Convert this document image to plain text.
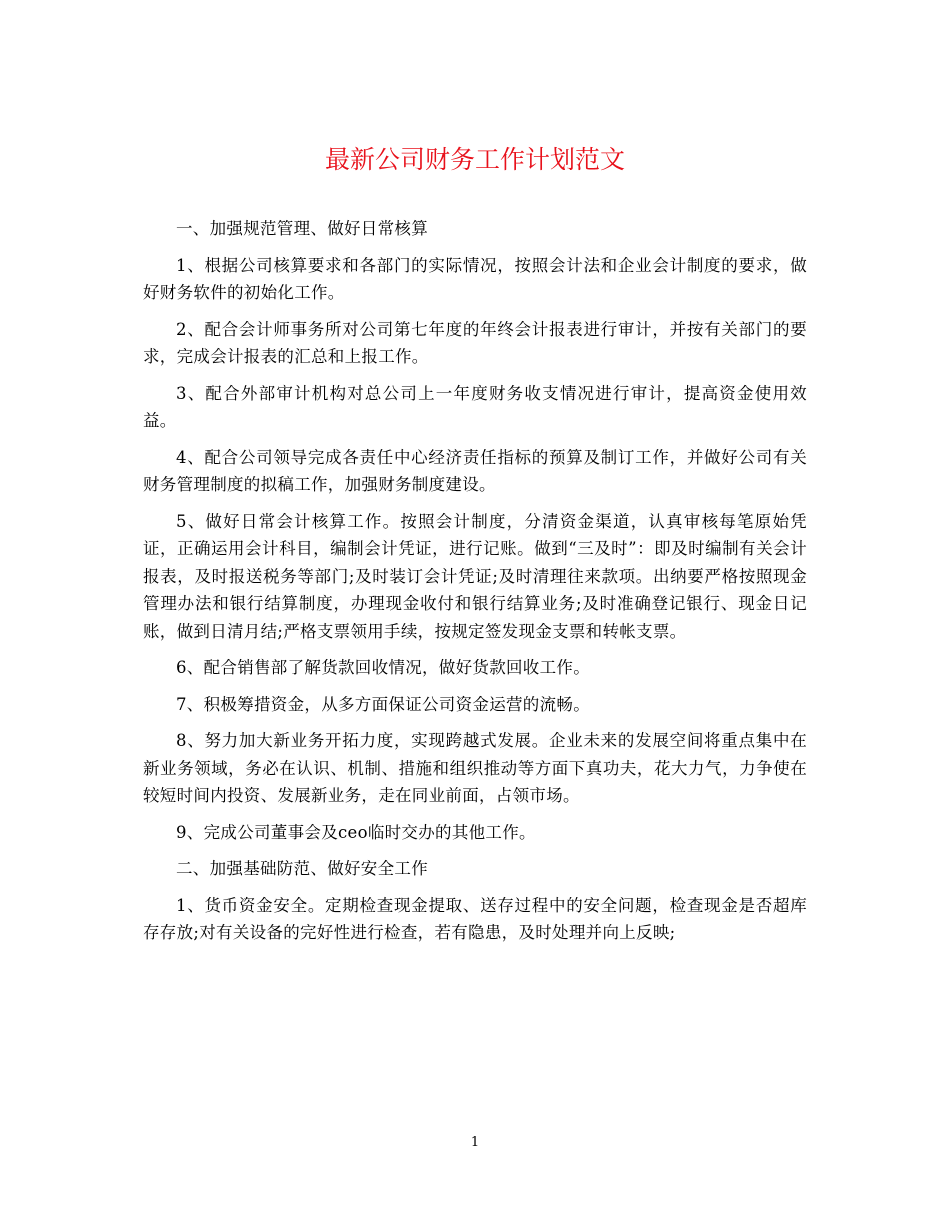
最新公司财务工作计划范文

一、加强规范管理、做好日常核算

1、根据公司核算要求和各部门的实际情况，按照会计法和企业会计制度的要求，做好财务软件的初始化工作。

2、配合会计师事务所对公司第七年度的年终会计报表进行审计，并按有关部门的要求，完成会计报表的汇总和上报工作。

3、配合外部审计机构对总公司上一年度财务收支情况进行审计，提高资金使用效益。

4、配合公司领导完成各责任中心经济责任指标的预算及制订工作，并做好公司有关财务管理制度的拟稿工作，加强财务制度建设。

5、做好日常会计核算工作。按照会计制度，分清资金渠道，认真审核每笔原始凭证，正确运用会计科目，编制会计凭证，进行记账。做到“三及时”：即及时编制有关会计报表，及时报送税务等部门;及时装订会计凭证;及时清理往来款项。出纳要严格按照现金管理办法和银行结算制度，办理现金收付和银行结算业务;及时准确登记银行、现金日记账，做到日清月结;严格支票领用手续，按规定签发现金支票和转帐支票。

6、配合销售部了解货款回收情况，做好货款回收工作。

7、积极筹措资金，从多方面保证公司资金运营的流畅。

8、努力加大新业务开拓力度，实现跨越式发展。企业未来的发展空间将重点集中在新业务领域，务必在认识、机制、措施和组织推动等方面下真功夫，花大力气，力争使在较短时间内投资、发展新业务，走在同业前面，占领市场。

9、完成公司董事会及ceo临时交办的其他工作。

二、加强基础防范、做好安全工作

1、货币资金安全。定期检查现金提取、送存过程中的安全问题，检查现金是否超库存存放;对有关设备的完好性进行检查，若有隐患，及时处理并向上反映;

1
